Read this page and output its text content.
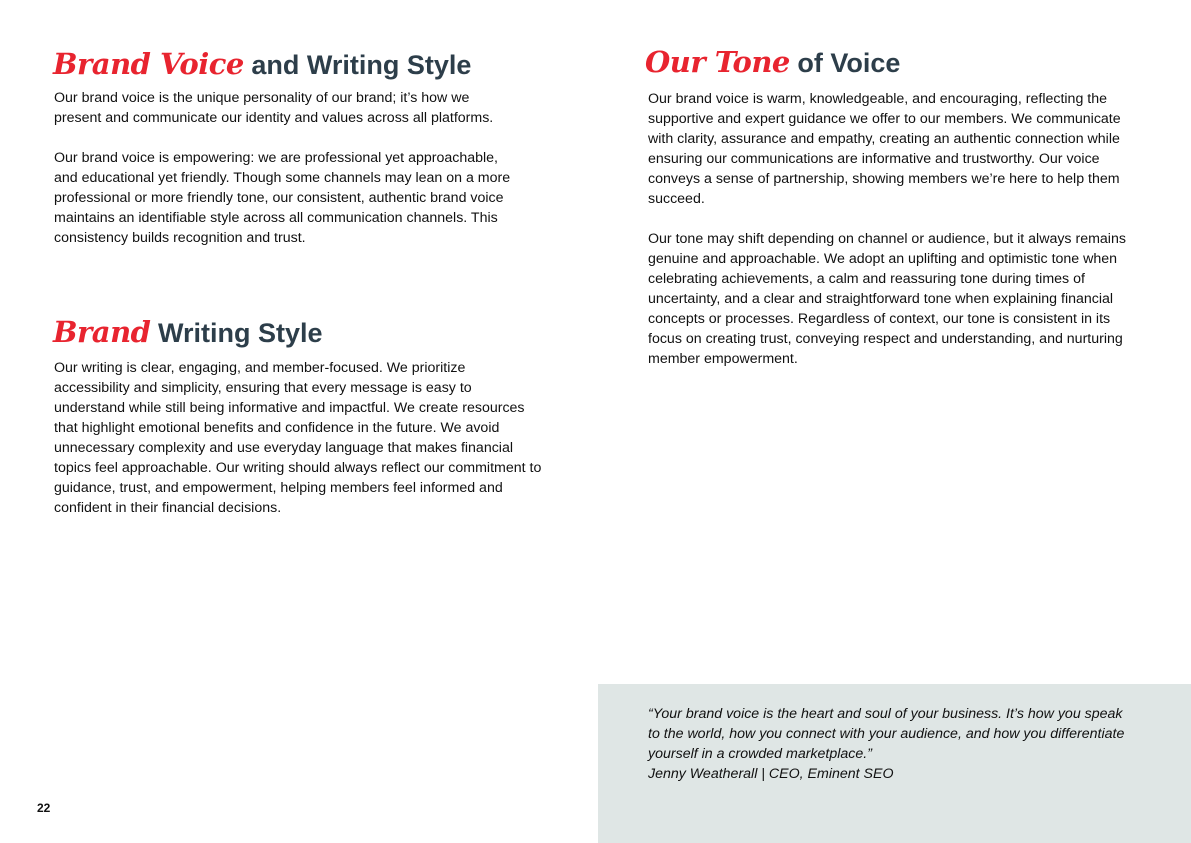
Brand Voice and Writing Style

Our brand voice is the unique personality of our brand; it’s how we present and communicate our identity and values across all platforms.

Our brand voice is empowering: we are professional yet approachable, and educational yet friendly. Though some channels may lean on a more professional or more friendly tone, our consistent, authentic brand voice maintains an identifiable style across all communication channels. This consistency builds recognition and trust.

Brand Writing Style

Our writing is clear, engaging, and member-focused. We prioritize accessibility and simplicity, ensuring that every message is easy to understand while still being informative and impactful. We create resources that highlight emotional benefits and confidence in the future. We avoid unnecessary complexity and use everyday language that makes financial topics feel approachable. Our writing should always reflect our commitment to guidance, trust, and empowerment, helping members feel informed and confident in their financial decisions.

22
Our Tone of Voice

Our brand voice is warm, knowledgeable, and encouraging, reflecting the supportive and expert guidance we offer to our members. We communicate with clarity, assurance and empathy, creating an authentic connection while ensuring our communications are informative and trustworthy. Our voice conveys a sense of partnership, showing members we’re here to help them succeed.

Our tone may shift depending on channel or audience, but it always remains genuine and approachable. We adopt an uplifting and optimistic tone when celebrating achievements, a calm and reassuring tone during times of uncertainty, and a clear and straightforward tone when explaining financial concepts or processes. Regardless of context, our tone is consistent in its focus on creating trust, conveying respect and understanding, and nurturing member empowerment.

“Your brand voice is the heart and soul of your business. It’s how you speak to the world, how you connect with your audience, and how you differentiate yourself in a crowded marketplace.”
Jenny Weatherall | CEO, Eminent SEO
